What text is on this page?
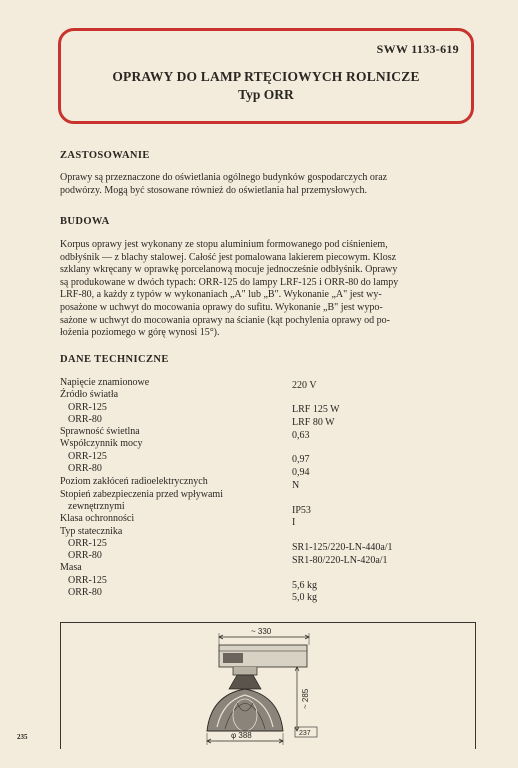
SWW 1133-619
OPRAWY DO LAMP RTĘCIOWYCH ROLNICZE
Typ ORR
ZASTOSOWANIE
Oprawy są przeznaczone do oświetlania ogólnego budynków gospodarczych oraz
podwórzy. Mogą być stosowane również do oświetlania hal przemysłowych.
BUDOWA
Korpus oprawy jest wykonany ze stopu aluminium formowanego pod ciśnieniem,
odbłyśnik — z blachy stalowej. Całość jest pomalowana lakierem piecowym. Klosz
szklany wkręcany w oprawkę porcelanową mocuje jednocześnie odbłyśnik. Oprawy
są produkowane w dwóch typach: ORR-125 do lampy LRF-125 i ORR-80 do lampy
LRF-80, a każdy z typów w wykonaniach „A" lub „B". Wykonanie „A" jest wy-
posażone w uchwyt do mocowania oprawy do sufitu. Wykonanie „B" jest wypo-
sażone w uchwyt do mocowania oprawy na ścianie (kąt pochylenia oprawy od po-
łożenia poziomego w górę wynosi 15°).
DANE TECHNICZNE
Napięcie znamionowe
Źródło światła
ORR-125
ORR-80
Sprawność świetlna
Współczynnik mocy
ORR-125
ORR-80
Poziom zakłóceń radioelektrycznych
Stopień zabezpieczenia przed wpływami
zewnętrznymi
Klasa ochronności
Typ statecznika
ORR-125
ORR-80
Masa
ORR-125
ORR-80
220 V
LRF 125 W
LRF 80 W
0,63
0,97
0,94
N
IP53
I
SR1-125/220-LN-440a/1
SR1-80/220-LN-420a/1
5,6 kg
5,0 kg
~ 330
~ 285
φ 388	237
235
